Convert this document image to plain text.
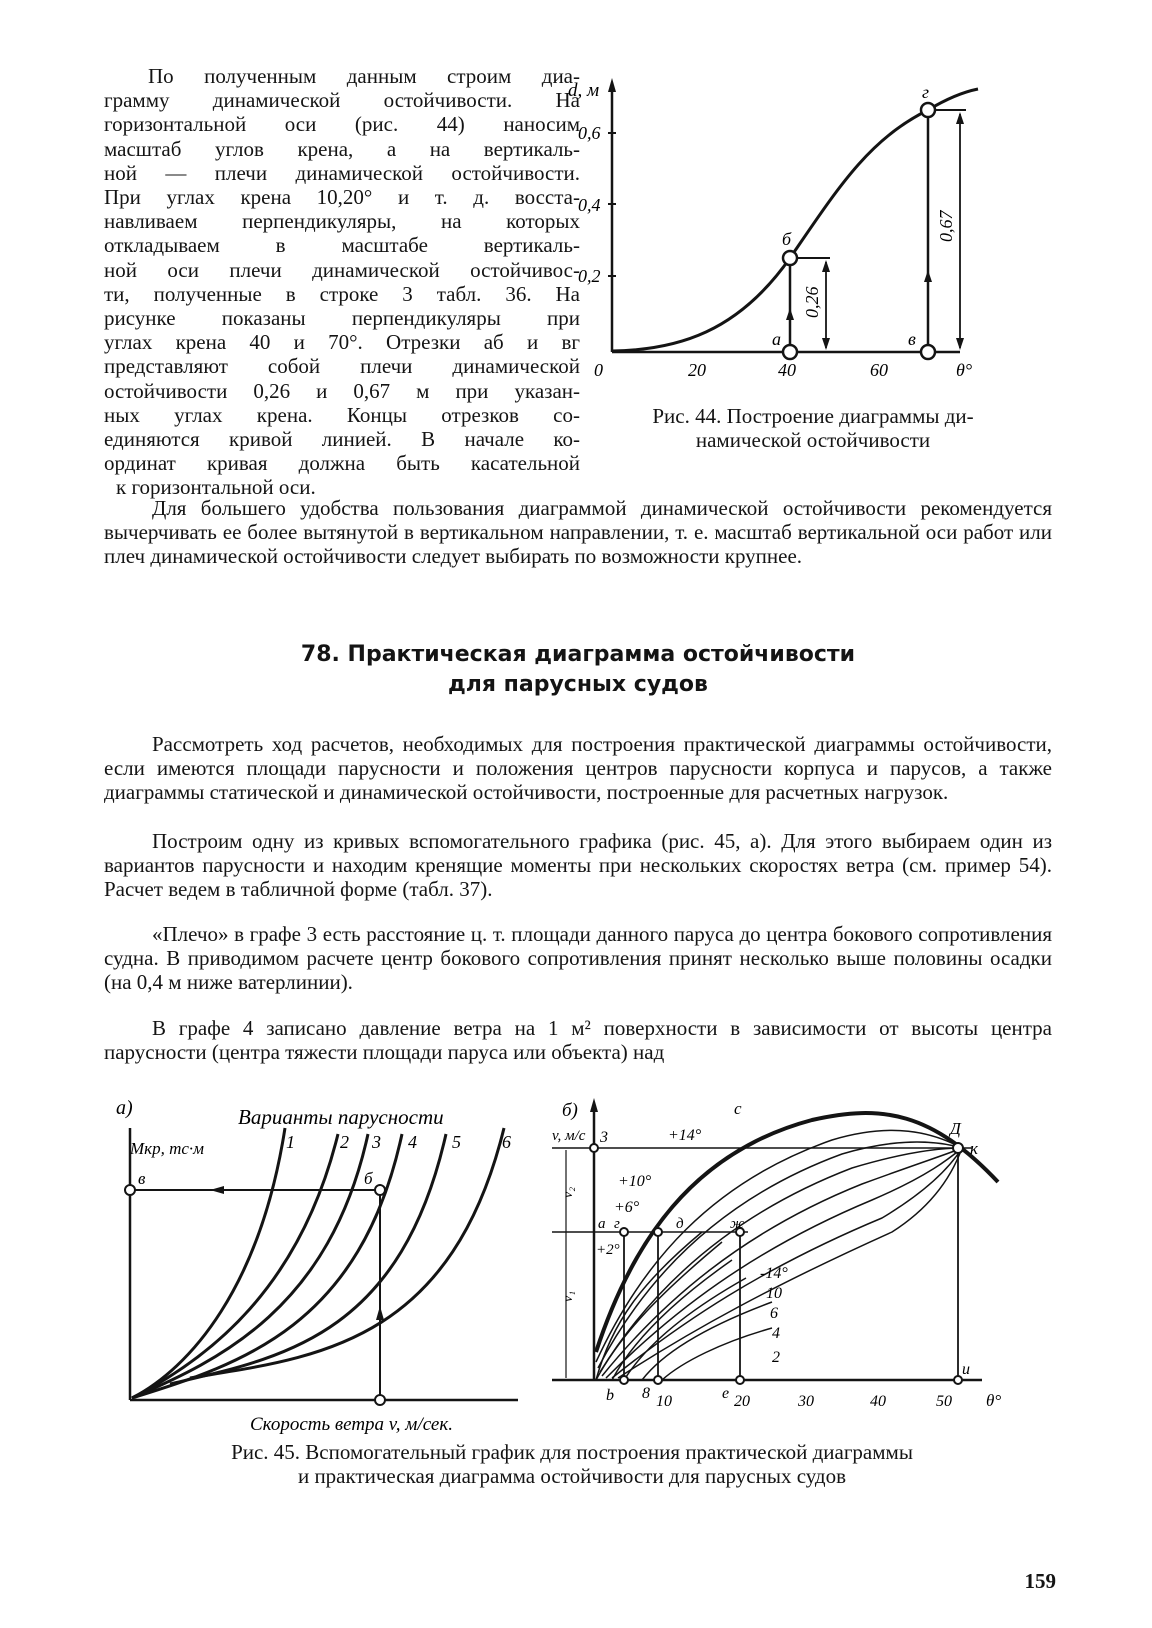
По полученным данным строим диа-
грамму динамической остойчивости. На
горизонтальной оси (рис. 44) наносим
масштаб углов крена, а на вертикаль-
ной — плечи динамической остойчивости.
При углах крена 10,20° и т. д. восста-
навливаем перпендикуляры, на которых
откладываем в масштабе вертикаль-
ной оси плечи динамической остойчивос-
ти, полученные в строке 3 табл. 36. На
рисунке показаны перпендикуляры при
углах крена 40 и 70°. Отрезки аб и вг
представляют собой плечи динамической
остойчивости 0,26 и 0,67 м при указан-
ных углах крена. Концы отрезков со-
единяются кривой линией. В начале ко-
ординат кривая должна быть касательной
к горизонтальной оси.
d, м
0,2
0,4
0,6
0	20	40	60	θ°
0,26
0,67
а
б
в
г

Рис. 44. Построение диаграммы ди-
намической остойчивости

Для большего удобства пользования диаграммой динамической остойчивости рекомендуется вычерчивать ее более вытянутой в вертикальном направлении, т. е. масштаб вертикальной оси работ или плеч динамической остойчивости следует выбирать по возможности крупнее.

78. Практическая диаграмма остойчивости

для парусных судов

Рассмотреть ход расчетов, необходимых для построения практической диаграммы остойчивости, если имеются площади парусности и положения центров парусности корпуса и парусов, а также диаграммы статической и динамической остойчивости, построенные для расчетных нагрузок.

Построим одну из кривых вспомогательного графика (рис. 45, а). Для этого выбираем один из вариантов парусности и находим кренящие моменты при нескольких скоростях ветра (см. пример 54). Расчет ведем в табличной форме (табл. 37).

«Плечо» в графе 3 есть расстояние ц. т. площади данного паруса до центра бокового сопротивления судна. В приводимом расчете центр бокового сопротивления принят несколько выше половины осадки (на 0,4 м ниже ватерлинии).

В графе 4 записано давление ветра на 1 м² поверхности в зависимости от высоты центра парусности (центра тяжести площади паруса или объекта) над

а)	Варианты парусности
Мкр, тс·м	1	2 3 4 5 6
в	б
Скорость ветра v, м/сек.
б)
v, м/с 3
v₂
v₁
+14°
+10°
+6°
+2°
-14°
10
6
4
2
с
Д
к
а г	д	ж
b 8 10	е
u
20	30	40	50 θ°

Рис. 45. Вспомогательный график для построения практической диаграммы
и практическая диаграмма остойчивости для парусных судов

159
